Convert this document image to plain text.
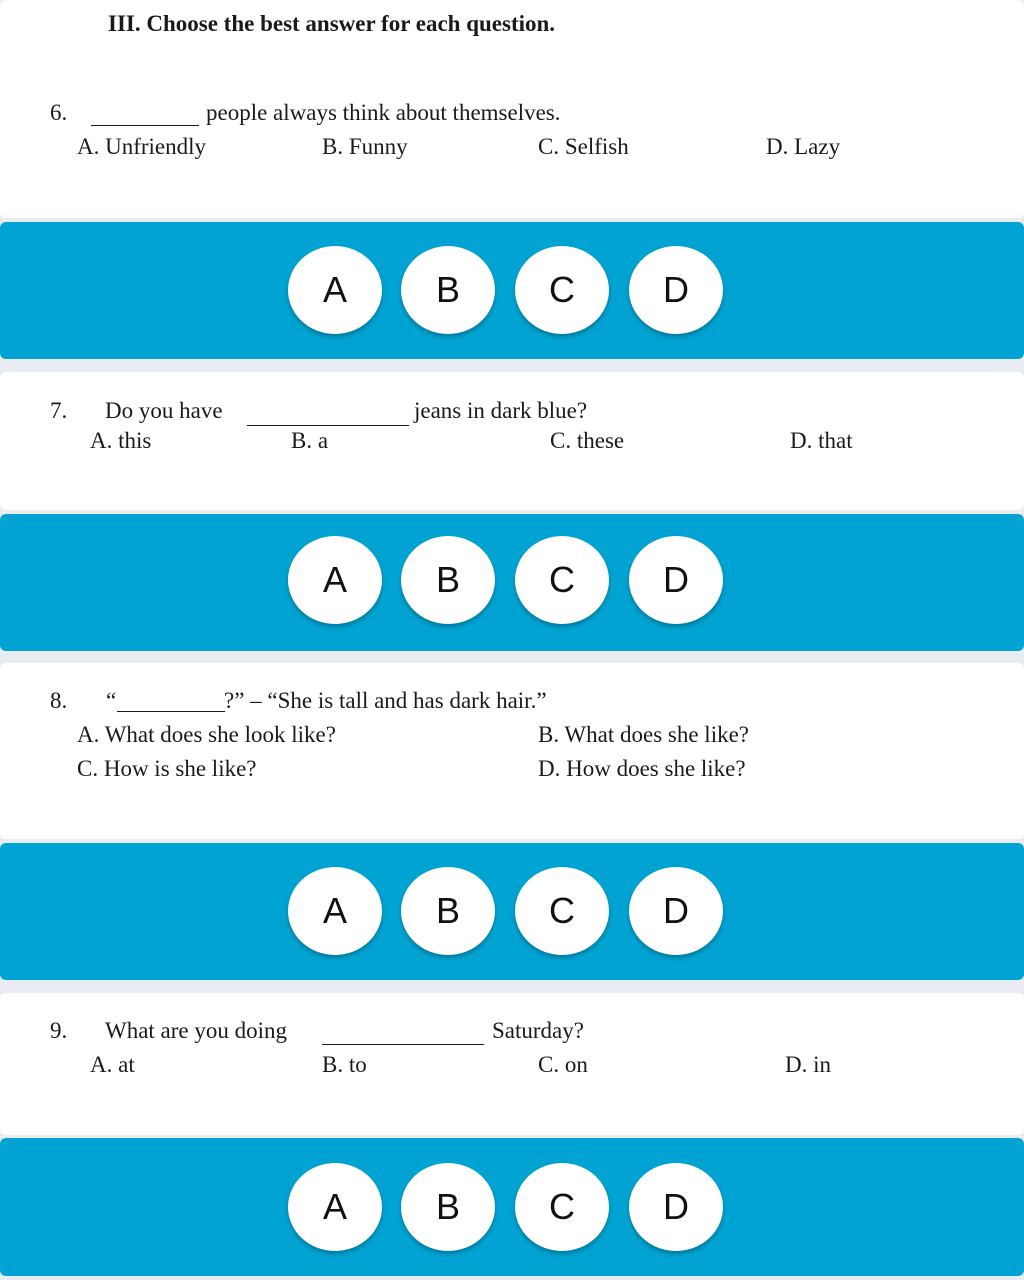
III. Choose the best answer for each question.
6.	people always think about themselves.
A. Unfriendly	B. Funny	C. Selfish	D. Lazy
A	B	C	D
7. Do you have	jeans in dark blue?
A. this	B. a	C. these	D. that
A	B	C	D
8. “	?” – “She is tall and has dark hair.”
A. What does she look like?	B. What does she like?
C. How is she like?	D. How does she like?
A	B	C	D
9. What are you doing	Saturday?
A. at	B. to	C. on	D. in
A	B	C	D
